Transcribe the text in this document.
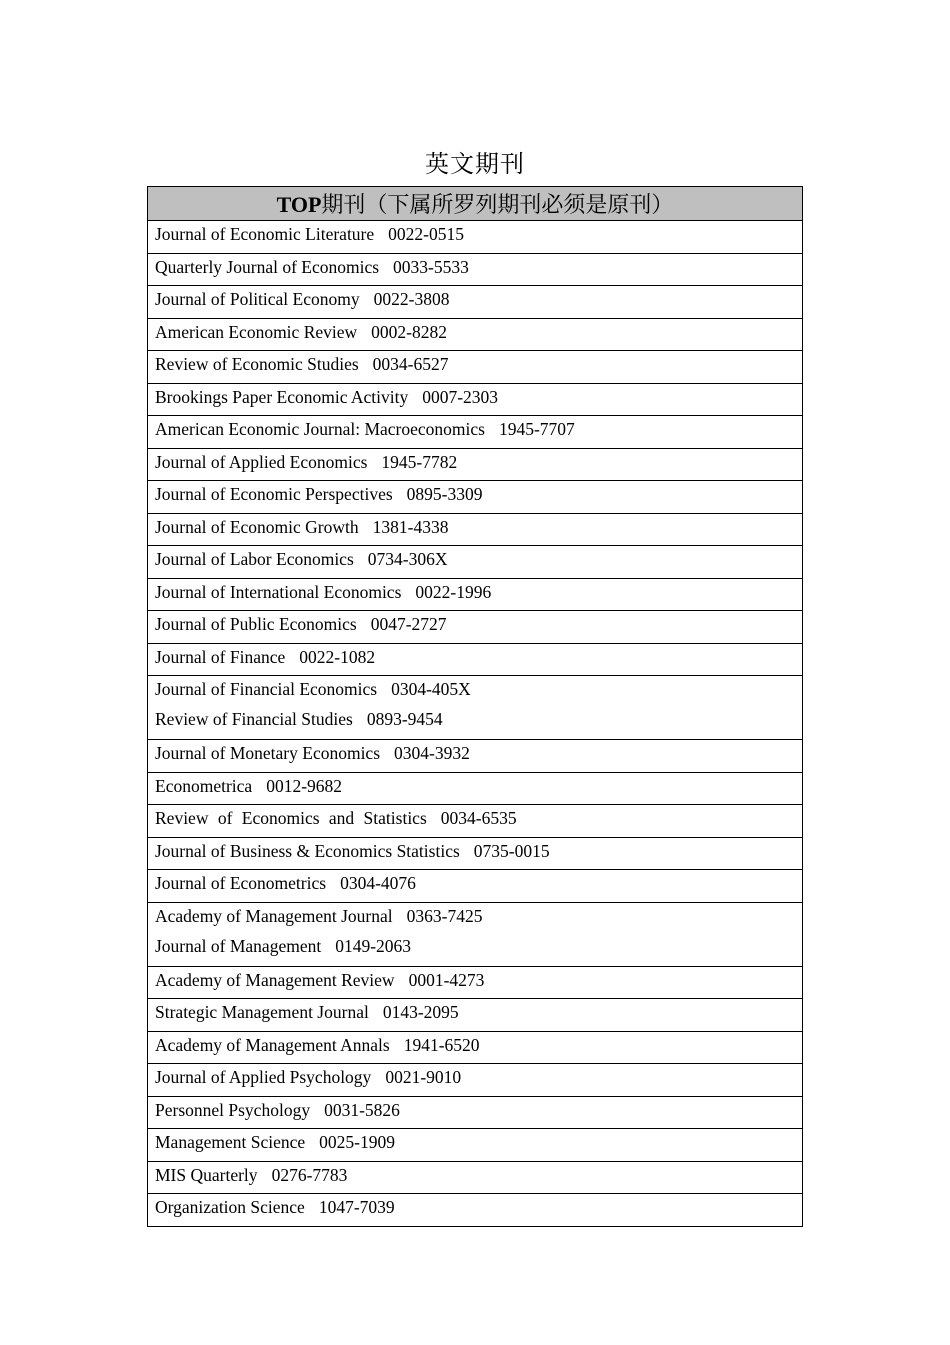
英文期刊
TOP期刊（下属所罗列期刊必须是原刊）

Journal of Economic Literature 0022-0515

Quarterly Journal of Economics 0033-5533

Journal of Political Economy 0022-3808

American Economic Review 0002-8282

Review of Economic Studies 0034-6527

Brookings Paper Economic Activity 0007-2303

American Economic Journal: Macroeconomics 1945-7707

Journal of Applied Economics 1945-7782

Journal of Economic Perspectives 0895-3309

Journal of Economic Growth 1381-4338

Journal of Labor Economics 0734-306X

Journal of International Economics 0022-1996

Journal of Public Economics 0047-2727

Journal of Finance 0022-1082

Journal of Financial Economics 0304-405X
Review of Financial Studies 0893-9454

Journal of Monetary Economics 0304-3932

Econometrica 0012-9682

Review of Economics and Statistics 0034-6535

Journal of Business & Economics Statistics 0735-0015

Journal of Econometrics 0304-4076

Academy of Management Journal 0363-7425
Journal of Management 0149-2063

Academy of Management Review 0001-4273

Strategic Management Journal 0143-2095

Academy of Management Annals 1941-6520

Journal of Applied Psychology 0021-9010

Personnel Psychology 0031-5826

Management Science 0025-1909

MIS Quarterly 0276-7783

Organization Science 1047-7039
